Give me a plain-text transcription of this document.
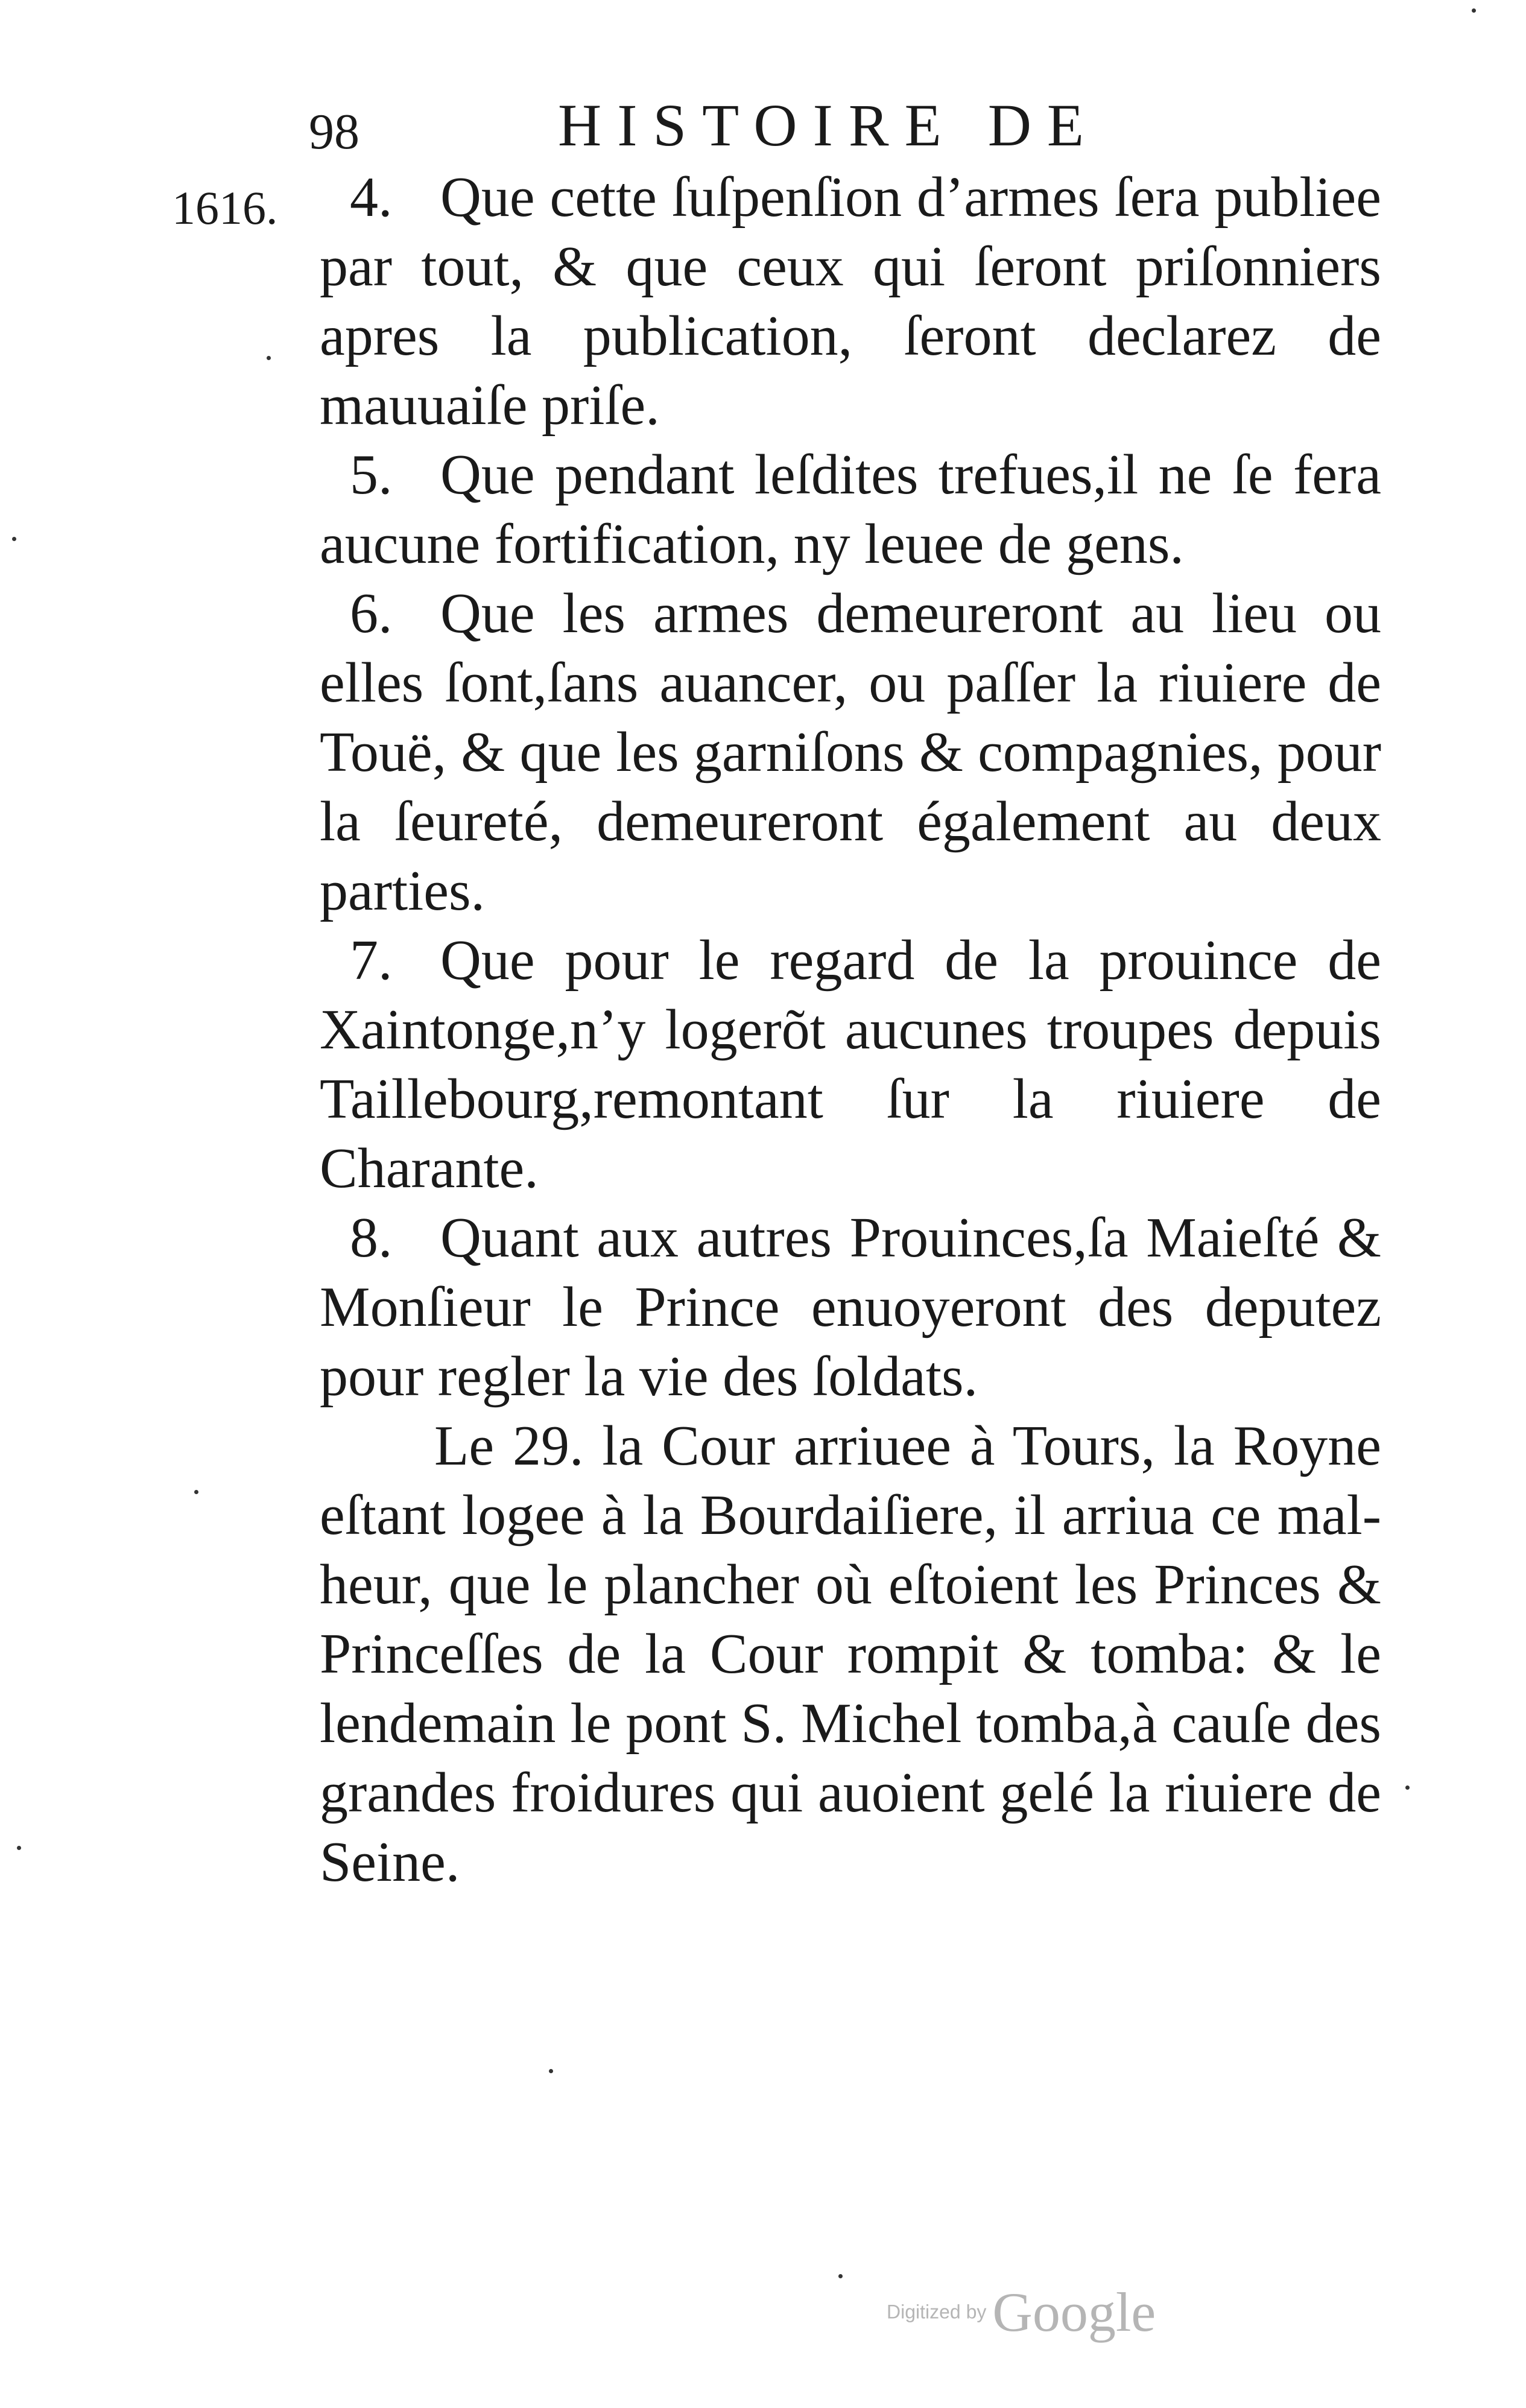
98	HISTOIRE DE
1616.	4. Que cette ſuſpenſion d’armes ſera publiee par tout, & que ceux qui ſeront priſonniers apres la publication, ſeront declarez de mauuaiſe priſe.

5. Que pendant leſdites trefues,il ne ſe fera aucune fortification, ny leuee de gens.

6. Que les armes demeureront au lieu ou elles ſont,ſans auancer, ou paſſer la riuiere de Touë, & que les garniſons & compagnies, pour la ſeureté, demeureront également au deux parties.

7. Que pour le regard de la prouince de Xaintonge,n’y logerõt aucunes troupes depuis Taillebourg,remontant ſur la riuiere de Charante.

8. Quant aux autres Prouinces,ſa Maieſté & Monſieur le Prince enuoyeront des deputez pour regler la vie des ſoldats.

Le 29. la Cour arriuee à Tours, la Royne eſtant logee à la Bourdaiſiere, il arriua ce mal-heur, que le plancher où eſtoient les Princes & Princeſſes de la Cour rompit & tomba: & le lendemain le pont S. Michel tomba,à cauſe des grandes froidures qui auoient gelé la riuiere de Seine.

Digitized by Google
